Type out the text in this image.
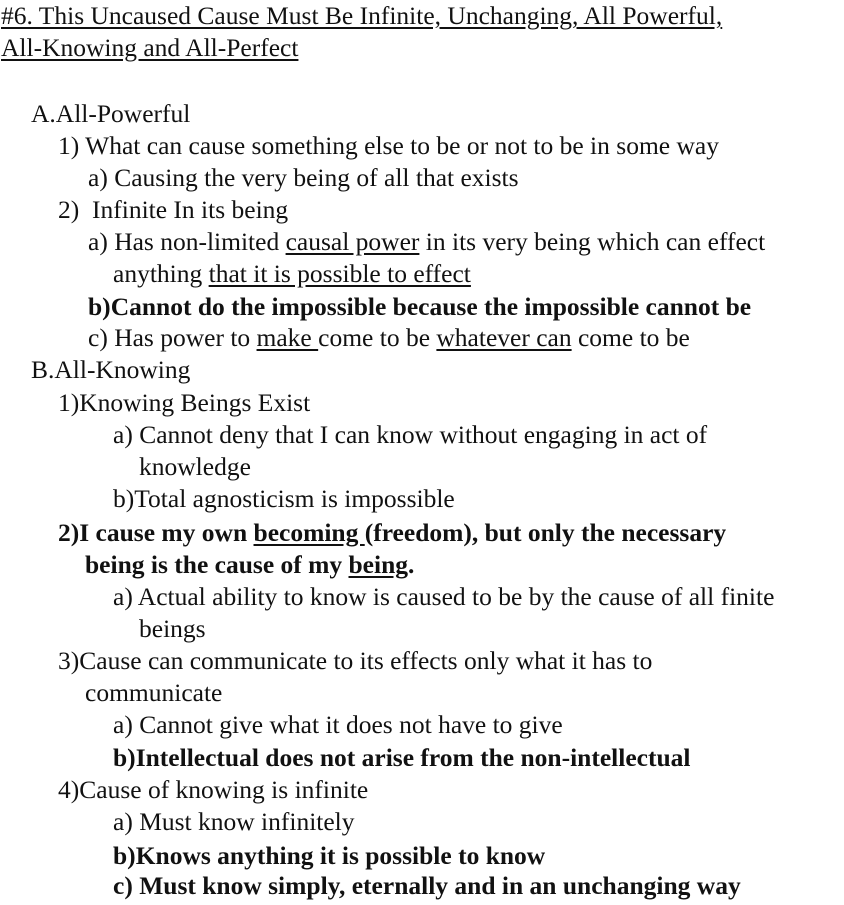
#6. This Uncaused Cause Must Be Infinite, Unchanging, All Powerful,
All-Knowing and All-Perfect
A.All-Powerful
1) What can cause something else to be or not to be in some way
a) Causing the very being of all that exists
2) Infinite In its being
a) Has non-limited causal power in its very being which can effect
anything that it is possible to effect
b)Cannot do the impossible because the impossible cannot be
c) Has power to make come to be whatever can come to be
B.All-Knowing
1)Knowing Beings Exist
a) Cannot deny that I can know without engaging in act of
knowledge
b)Total agnosticism is impossible
2)I cause my own becoming (freedom), but only the necessary
being is the cause of my being.
a) Actual ability to know is caused to be by the cause of all finite
beings
3)Cause can communicate to its effects only what it has to
communicate
a) Cannot give what it does not have to give
b)Intellectual does not arise from the non-intellectual
4)Cause of knowing is infinite
a) Must know infinitely
b)Knows anything it is possible to know
c) Must know simply, eternally and in an unchanging way
